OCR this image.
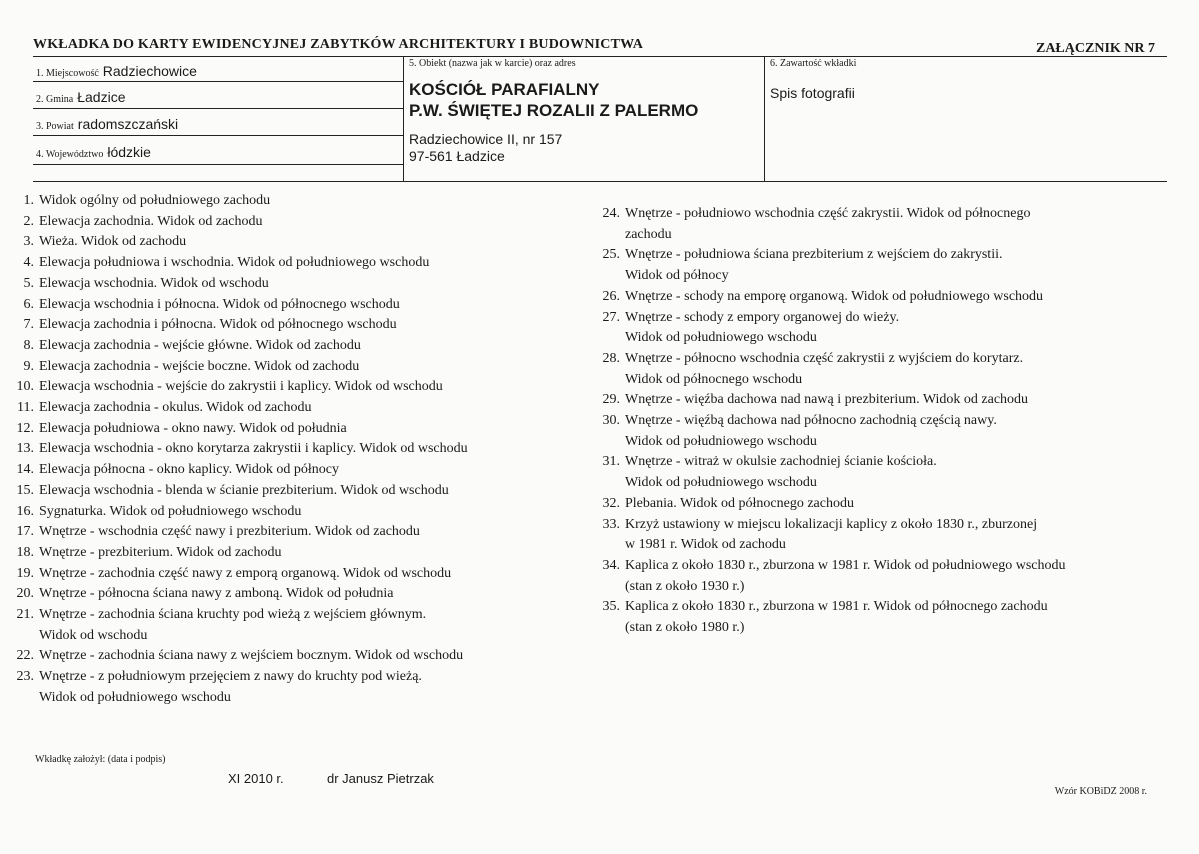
WKŁADKA DO KARTY EWIDENCYJNEJ ZABYTKÓW ARCHITEKTURY I BUDOWNICTWA	ZAŁĄCZNIK NR 7
1. Miejscowość Radziechowice
2. Gmina Ładzice
3. Powiat radomszczański
4. Województwo łódzkie
5. Obiekt (nazwa jak w karcie) oraz adres
KOŚCIÓŁ PARAFIALNY
P.W. ŚWIĘTEJ ROZALII Z PALERMO
Radziechowice II, nr 157
97-561 Ładzice
6. Zawartość wkładki
Spis fotografii
1. Widok ogólny od południowego zachodu
2. Elewacja zachodnia. Widok od zachodu
3. Wieża. Widok od zachodu
4. Elewacja południowa i wschodnia. Widok od południowego wschodu
5. Elewacja wschodnia. Widok od wschodu
6. Elewacja wschodnia i północna. Widok od północnego wschodu
7. Elewacja zachodnia i północna. Widok od północnego wschodu
8. Elewacja zachodnia - wejście główne. Widok od zachodu
9. Elewacja zachodnia - wejście boczne. Widok od zachodu
10. Elewacja wschodnia - wejście do zakrystii i kaplicy. Widok od wschodu
11. Elewacja zachodnia - okulus. Widok od zachodu
12. Elewacja południowa - okno nawy. Widok od południa
13. Elewacja wschodnia - okno korytarza zakrystii i kaplicy. Widok od wschodu
14. Elewacja północna - okno kaplicy. Widok od północy
15. Elewacja wschodnia - blenda w ścianie prezbiterium. Widok od wschodu
16. Sygnaturka. Widok od południowego wschodu
17. Wnętrze - wschodnia część nawy i prezbiterium. Widok od zachodu
18. Wnętrze - prezbiterium. Widok od zachodu
19. Wnętrze - zachodnia część nawy z emporą organową. Widok od wschodu
20. Wnętrze - północna ściana nawy z amboną. Widok od południa
21. Wnętrze - zachodnia ściana kruchty pod wieżą z wejściem głównym.
Widok od wschodu
22. Wnętrze - zachodnia ściana nawy z wejściem bocznym. Widok od wschodu
23. Wnętrze - z południowym przejęciem z nawy do kruchty pod wieżą.
Widok od południowego wschodu
24. Wnętrze - południowo wschodnia część zakrystii. Widok od północnego
zachodu
25. Wnętrze - południowa ściana prezbiterium z wejściem do zakrystii.
Widok od północy
26. Wnętrze - schody na emporę organową. Widok od południowego wschodu
27. Wnętrze - schody z empory organowej do wieży.
Widok od południowego wschodu
28. Wnętrze - północno wschodnia część zakrystii z wyjściem do korytarz.
Widok od północnego wschodu
29. Wnętrze - więźba dachowa nad nawą i prezbiterium. Widok od zachodu
30. Wnętrze - więźbą dachowa nad północno zachodnią częścią nawy.
Widok od południowego wschodu
31. Wnętrze - witraż w okulsie zachodniej ścianie kościoła.
Widok od południowego wschodu
32. Plebania. Widok od północnego zachodu
33. Krzyż ustawiony w miejscu lokalizacji kaplicy z około 1830 r., zburzonej
w 1981 r. Widok od zachodu
34. Kaplica z około 1830 r., zburzona w 1981 r. Widok od południowego wschodu
(stan z około 1930 r.)
35. Kaplica z około 1830 r., zburzona w 1981 r. Widok od północnego zachodu
(stan z około 1980 r.)
Wkładkę założył: (data i podpis)
XI 2010 r.	dr Janusz Pietrzak
Wzór KOBiDZ 2008 r.
